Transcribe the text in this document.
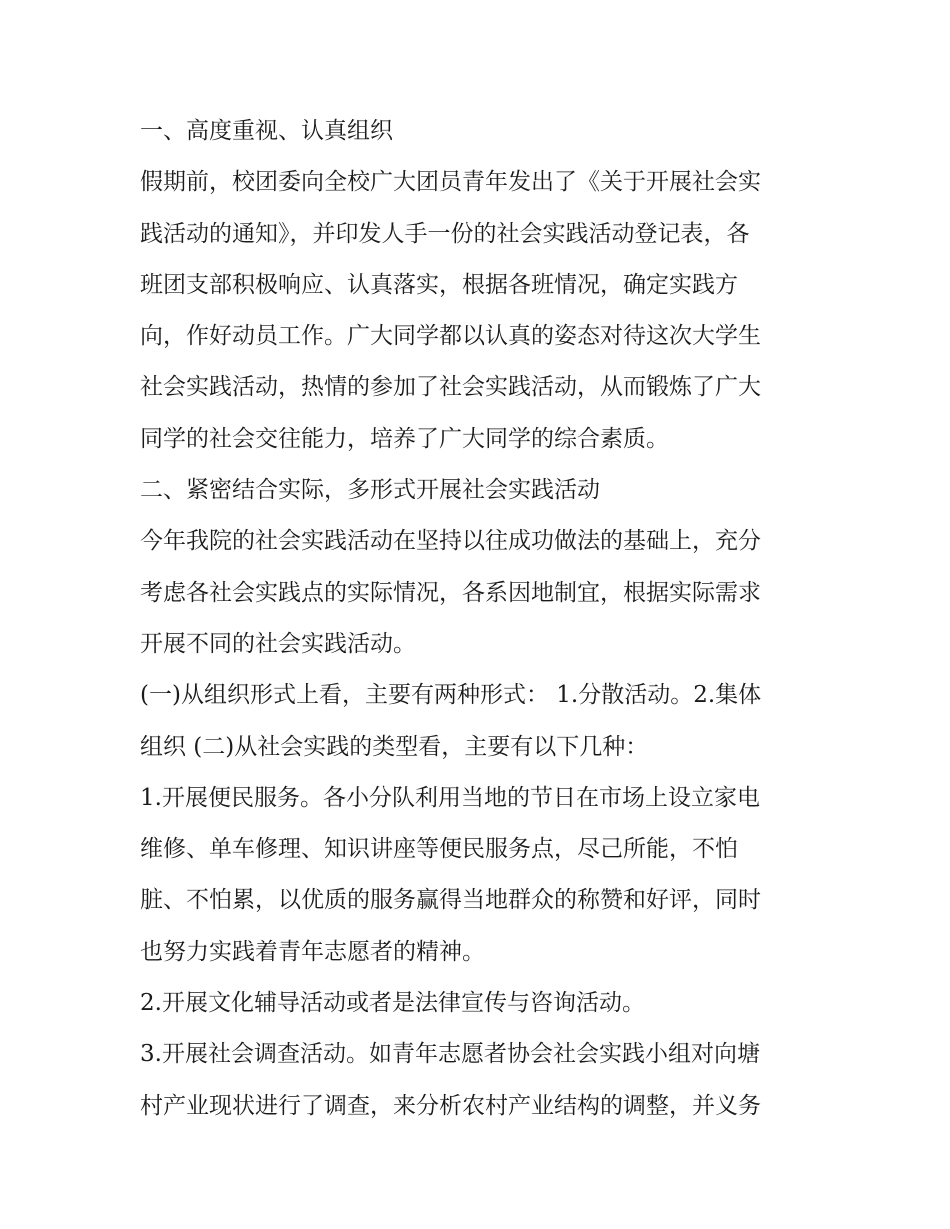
一、高度重视、认真组织
假期前，校团委向全校广大团员青年发出了《关于开展社会实
践活动的通知》，并印发人手一份的社会实践活动登记表，各
班团支部积极响应、认真落实，根据各班情况，确定实践方
向，作好动员工作。广大同学都以认真的姿态对待这次大学生
社会实践活动，热情的参加了社会实践活动，从而锻炼了广大
同学的社会交往能力，培养了广大同学的综合素质。
二、紧密结合实际，多形式开展社会实践活动
今年我院的社会实践活动在坚持以往成功做法的基础上，充分
考虑各社会实践点的实际情况，各系因地制宜，根据实际需求
开展不同的社会实践活动。
(一)从组织形式上看，主要有两种形式： 1.分散活动。2.集体
组织 (二)从社会实践的类型看，主要有以下几种：
1.开展便民服务。各小分队利用当地的节日在市场上设立家电
维修、单车修理、知识讲座等便民服务点，尽己所能，不怕
脏、不怕累，以优质的服务赢得当地群众的称赞和好评，同时
也努力实践着青年志愿者的精神。
2.开展文化辅导活动或者是法律宣传与咨询活动。
3.开展社会调查活动。如青年志愿者协会社会实践小组对向塘
村产业现状进行了调查，来分析农村产业结构的调整，并义务
